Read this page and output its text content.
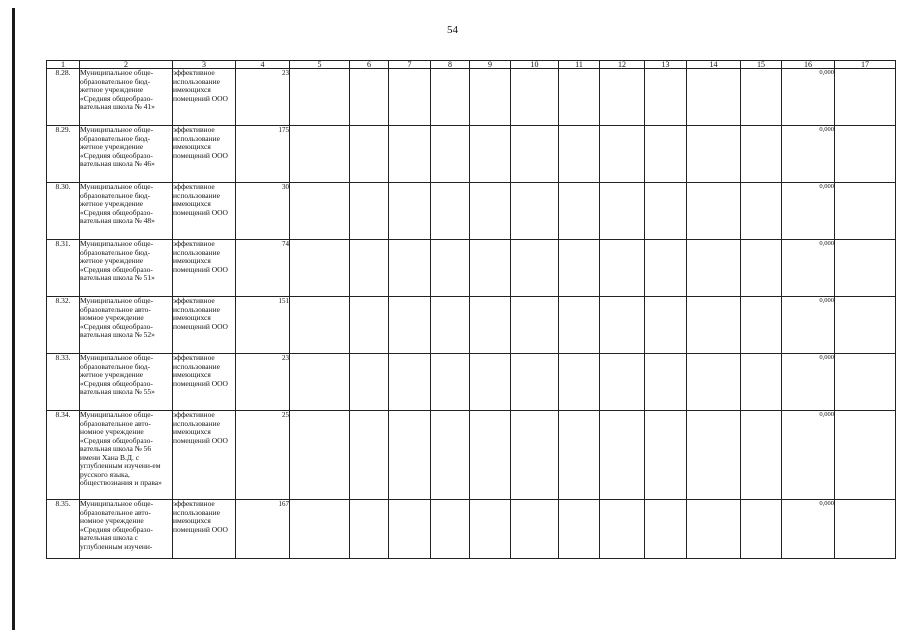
54
1	2	3	4	5	6	7	8	9	10	11	12	13	14	15	16	17
8.28.	Муниципальное обще-образовательное бюд-жетное учреждение «Средняя общеобразо-вательная школа № 41»	эффективное использование имеющихся помещений ООО	23												0,000	
8.29.	Муниципальное обще-образовательное бюд-жетное учреждение «Средняя общеобразо-вательная школа № 46»	эффективное использование имеющихся помещений ООО	175												0,000	
8.30.	Муниципальное обще-образовательное бюд-жетное учреждение «Средняя общеобразо-вательная школа № 48»	эффективное использование имеющихся помещений ООО	30												0,000	
8.31.	Муниципальное обще-образовательное бюд-жетное учреждение «Средняя общеобразо-вательная школа № 51»	эффективное использование имеющихся помещений ООО	74												0,000	
8.32.	Муниципальное обще-образовательное авто-номное учреждение «Средняя общеобразо-вательная школа № 52»	эффективное использование имеющихся помещений ООО	151												0,000	
8.33.	Муниципальное обще-образовательное бюд-жетное учреждение «Средняя общеобразо-вательная школа № 55»	эффективное использование имеющихся помещений ООО	23												0,000	
8.34.	Муниципальное обще-образовательное авто-номное учреждение «Средняя общеобразо-вательная школа № 56 имени Хана В.Д. с углубленным изучени-ем русского языка, обществознания и права»	эффективное использование имеющихся помещений ООО	25												0,000	
8.35.	Муниципальное обще-образовательное авто-номное учреждение «Средняя общеобразо-вательная школа с углубленным изучени-	эффективное использование имеющихся помещений ООО	167												0,000	
